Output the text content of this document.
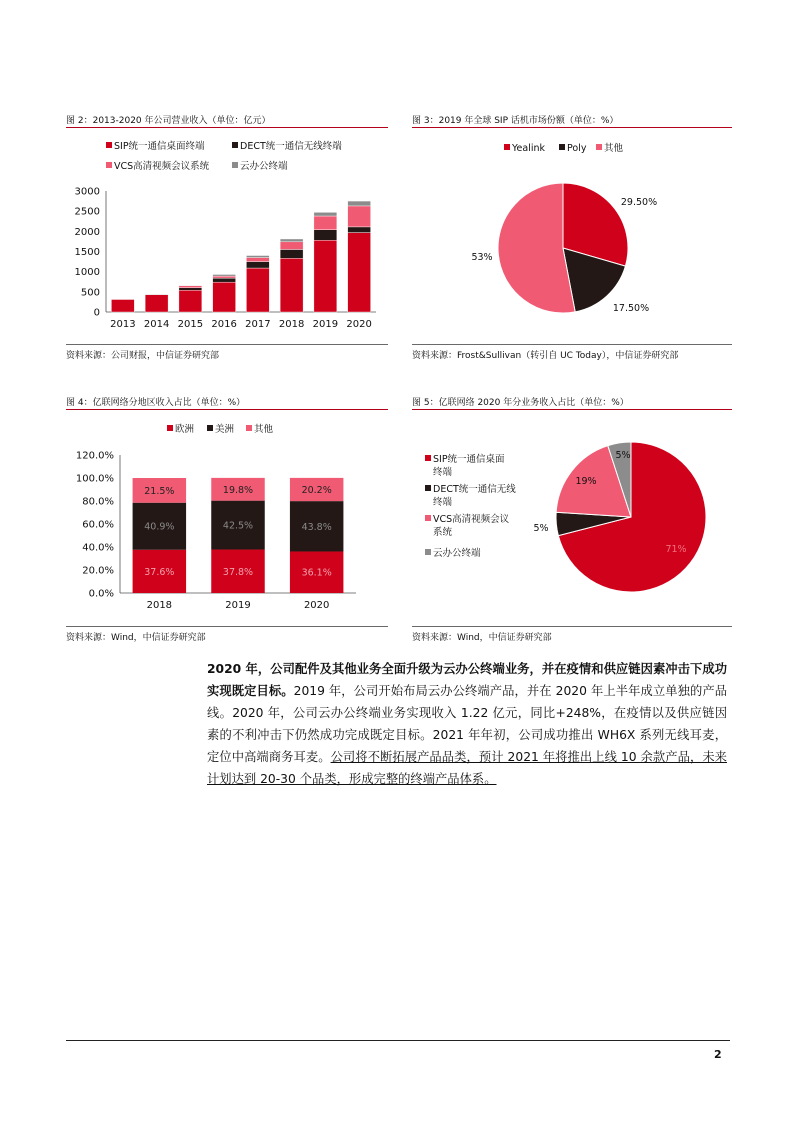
图 2：2013-2020 年公司营业收入（单位：亿元）
SIP统一通信桌面终端	DECT统一通信无线终端
VCS高清视频会议系统	云办公终端
0
500
1000
1500
2000
2500
3000
2013 2014 2015 2016 2017 2018 2019 2020
资料来源：公司财报，中信证券研究部
图 3：2019 年全球 SIP 话机市场份额（单位：%）
Yealink Poly 其他
29.50%
17.50%
53%
资料来源：Frost&Sullivan（转引自 UC Today），中信证券研究部
图 4：亿联网络分地区收入占比（单位：%）
欧洲 美洲 其他
0.0%
20.0%
40.0%
60.0%
80.0%
100.0%
120.0%
37.6%
40.9%
21.5%
2018
37.8%
42.5%
19.8%
2019
36.1%
43.8%
20.2%
2020
资料来源：Wind，中信证券研究部
图 5：亿联网络 2020 年分业务收入占比（单位：%）
SIP统一通信桌面
终端
DECT统一通信无线
终端
VCS高清视频会议
系统
云办公终端	71%
5%
19%
5%
资料来源：Wind，中信证券研究部
2020 年，公司配件及其他业务全面升级为云办公终端业务，并在疫情和供应链因素冲击下成功实现既定目标。2019 年，公司开始布局云办公终端产品，并在 2020 年上半年成立单独的产品线。2020 年，公司云办公终端业务实现收入 1.22 亿元，同比+248%，在疫情以及供应链因素的不利冲击下仍然成功完成既定目标。2021 年年初，公司成功推出 WH6X 系列无线耳麦，定位中高端商务耳麦。公司将不断拓展产品品类，预计 2021 年将推出上线 10 余款产品，未来计划达到 20-30 个品类，形成完整的终端产品体系。
2
